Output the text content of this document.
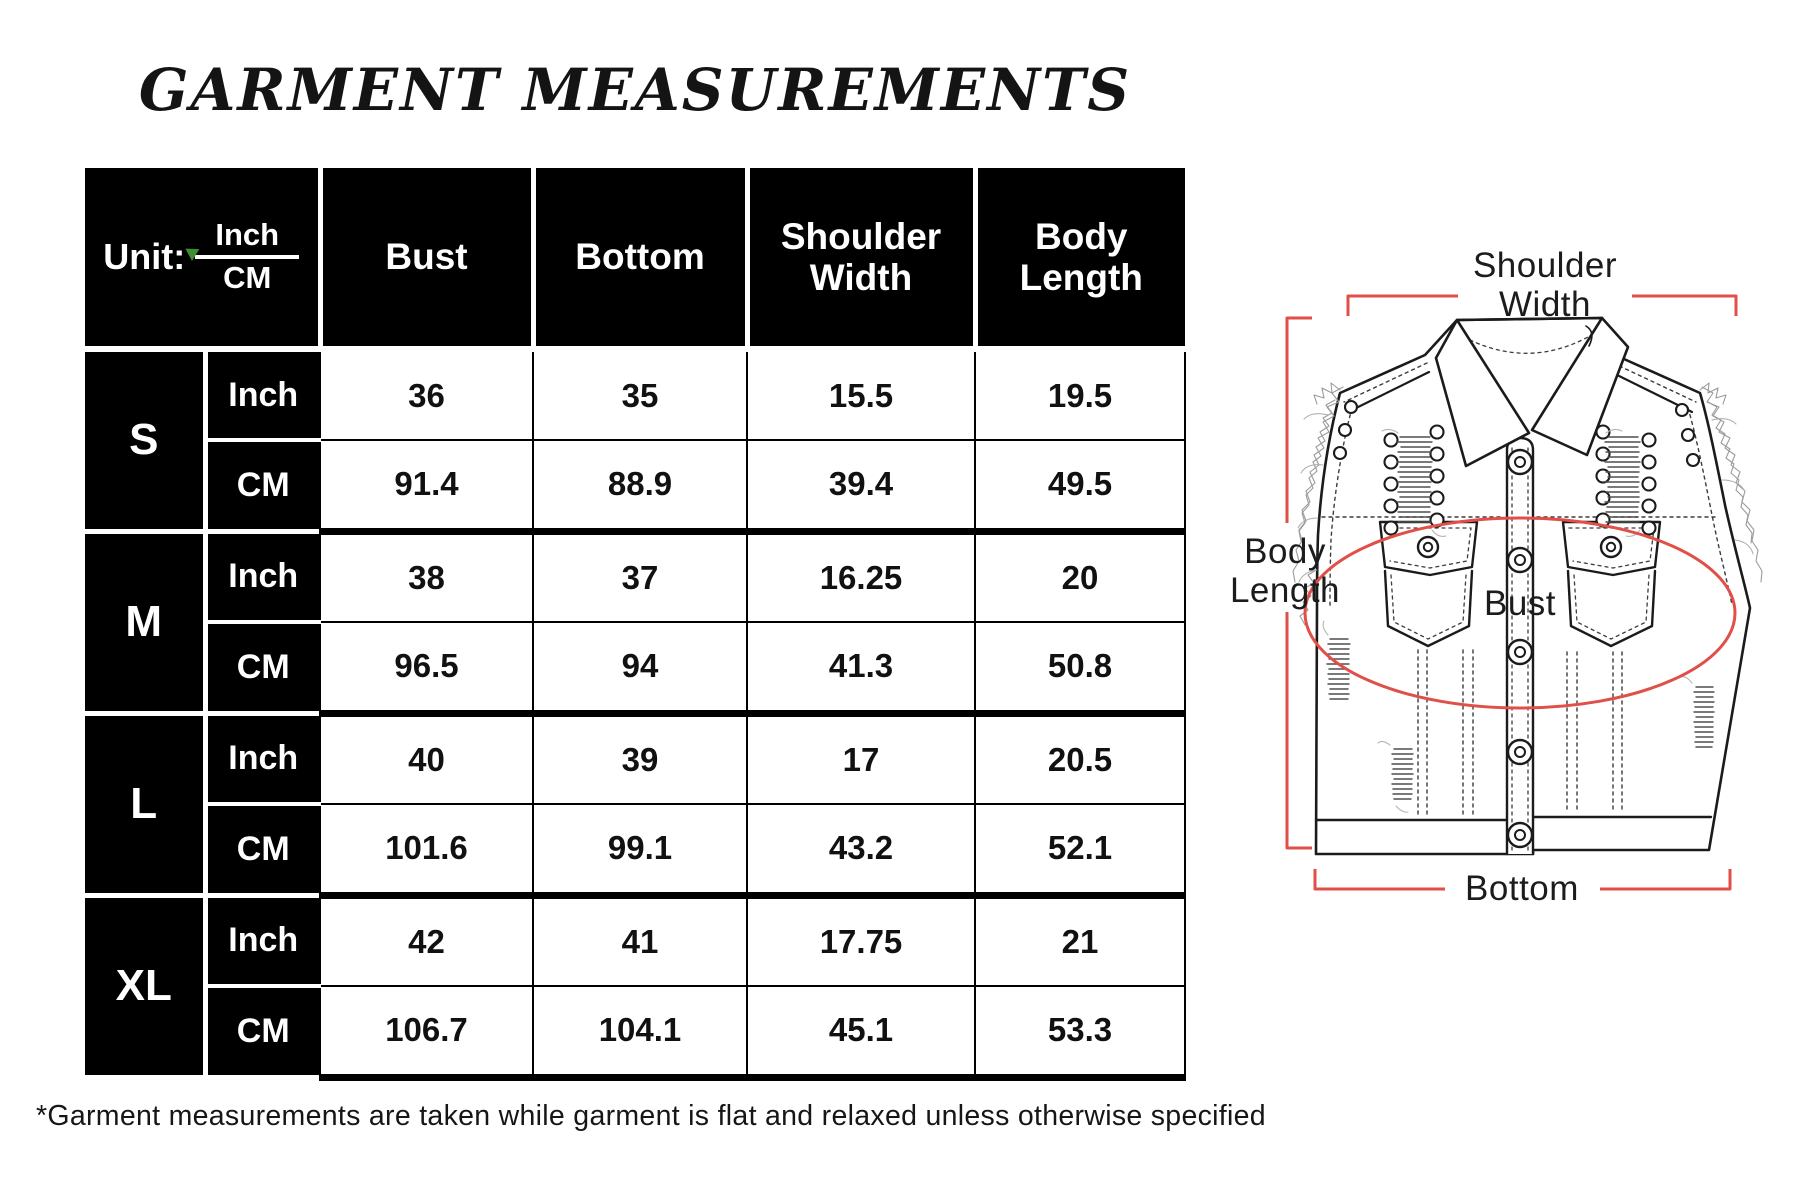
GARMENT MEASUREMENTS
Unit: $\frac{\text{Inch}}{CM}$		Bust	Bottom	Shoulder Width	Body Length
S	Inch	36	35	15.5	19.5
	CM	91.4	88.9	39.4	49.5
M	Inch	38	37	16.25	20
	CM	96.5	94	41.3	50.8
L	Inch	40	39	17	20.5
	CM	101.6	99.1	43.2	52.1
XL	Inch	42	41	17.75	21
	CM	106.7	104.1	45.1	53.3
Shoulder Width
Body Length	Bust
Bottom
*Garment measurements are taken while garment is flat and relaxed unless otherwise specified
